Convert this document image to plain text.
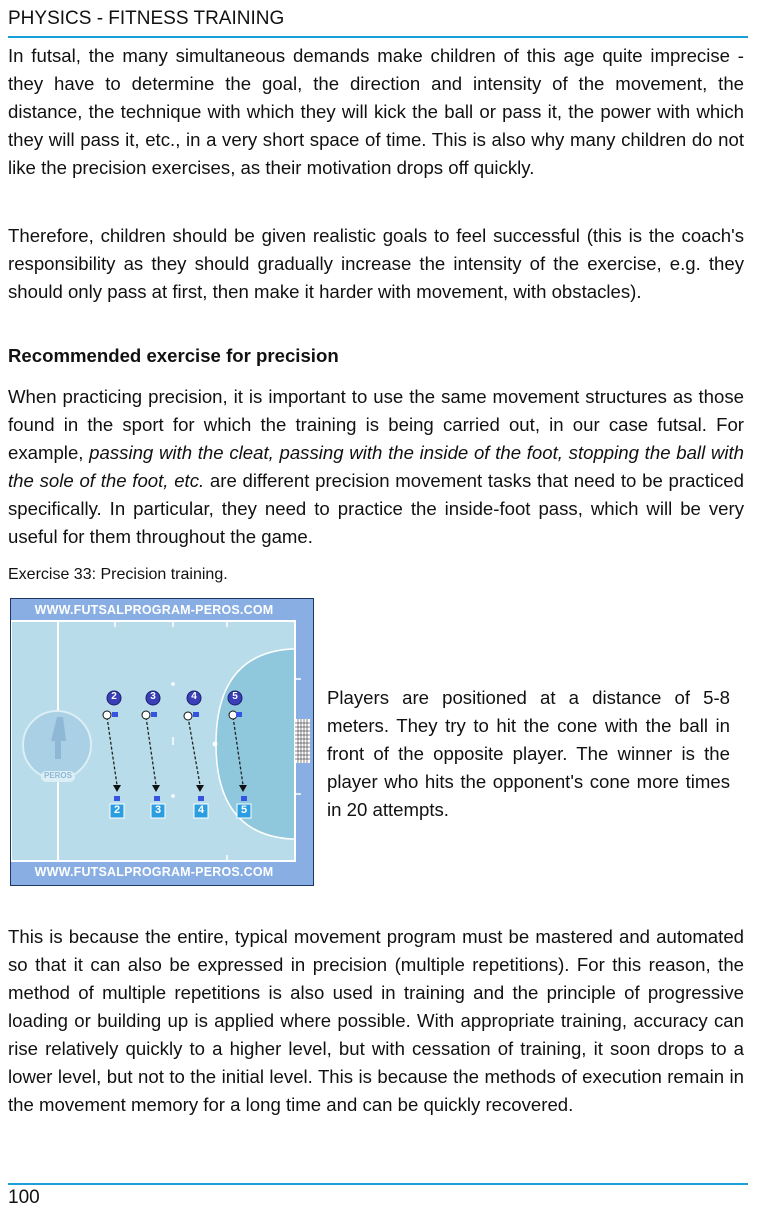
PHYSICS - FITNESS TRAINING

In futsal, the many simultaneous demands make children of this age quite imprecise - they have to determine the goal, the direction and intensity of the movement, the distance, the technique with which they will kick the ball or pass it, the power with which they will pass it, etc., in a very short space of time. This is also why many children do not like the precision exercises, as their motivation drops off quickly.

Therefore, children should be given realistic goals to feel successful (this is the coach's responsibility as they should gradually increase the intensity of the exercise, e.g. they should only pass at first, then make it harder with movement, with obstacles).

Recommended exercise for precision

When practicing precision, it is important to use the same movement structures as those found in the sport for which the training is being carried out, in our case futsal. For example, passing with the cleat, passing with the inside of the foot, stopping the ball with the sole of the foot, etc. are different precision movement tasks that need to be practiced specifically. In particular, they need to practice the inside-foot pass, which will be very useful for them throughout the game.

Exercise 33: Precision training.

WWW.FUTSALPROGRAM-PEROS.COM
2	3	4	5
2	3	4	5
PEROS
WWW.FUTSALPROGRAM-PEROS.COM

Players are positioned at a distance of 5-8 meters. They try to hit the cone with the ball in front of the opposite player. The winner is the player who hits the opponent's cone more times in 20 attempts.

This is because the entire, typical movement program must be mastered and automated so that it can also be expressed in precision (multiple repetitions). For this reason, the method of multiple repetitions is also used in training and the principle of progressive loading or building up is applied where possible. With appropriate training, accuracy can rise relatively quickly to a higher level, but with cessation of training, it soon drops to a lower level, but not to the initial level. This is because the methods of execution remain in the movement memory for a long time and can be quickly recovered.

100
